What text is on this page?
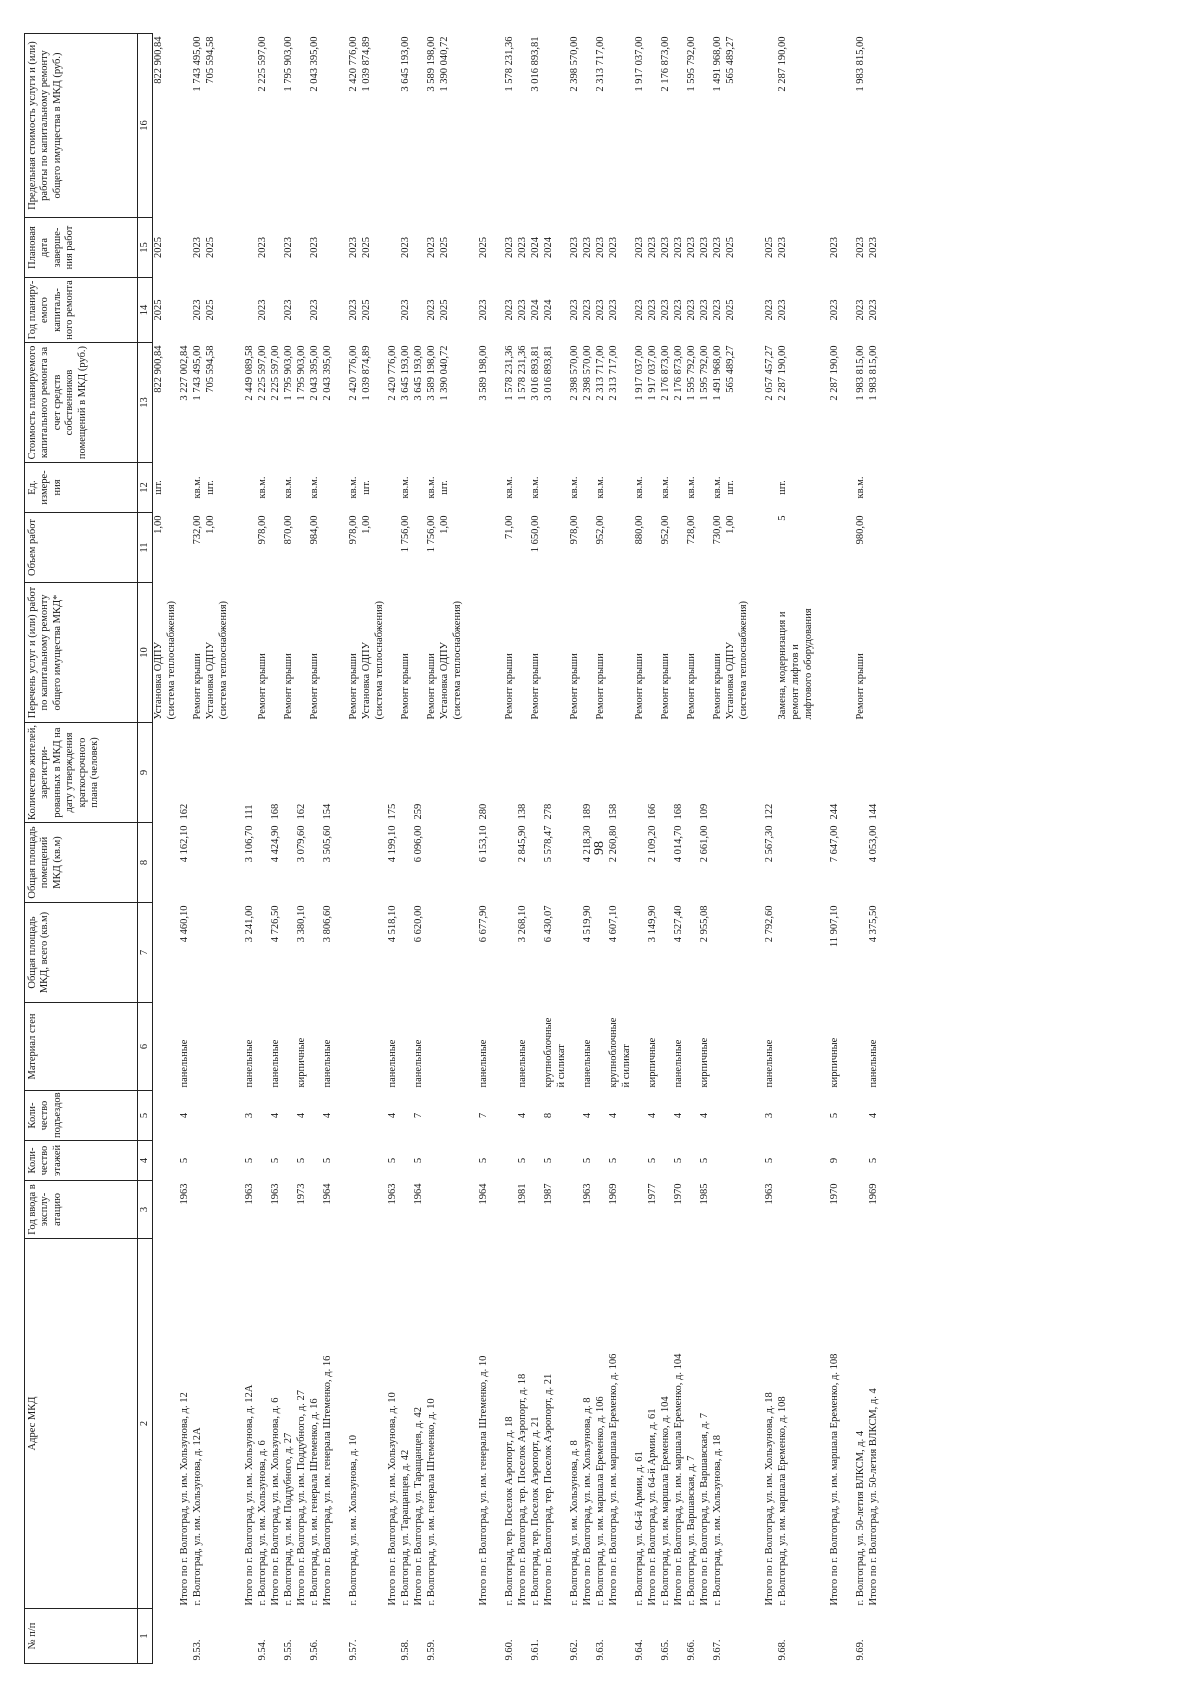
98
№ п/п	Адрес МКД	Год ввода в эксплу-атацию	Коли-чество этажей	Коли-чество подъездов	Материал стен	Общая площадь МКД, всего (кв.м)	Общая площадь помещений МКД (кв.м)	Количество жителей, зарегистри-рованных в МКД на дату утверждения краткосрочного плана (человек)	Перечень услуг и (или) работ по капитальному ремонту общего имущества МКД*	Объем работ	Ед. измере-ния	Стоимость планируемого капитального ремонта за счет средств собственников помещений в МКД (руб.)	Год планиру-емого капиталь-ного ремонта	Плановая дата заверше-ния работ	Предельная стоимость услуги и (или) работы по капитальному ремонту общего имущества в МКД (руб.)
1	2	3	4	5	6	7	8	9	10	11	12	13	14	15	16
									Установка ОДПУ	1,00	шт.	822 900,84	2025	2025	822 900,84
									(система теплоснабжения)						
	Итого по г. Волгоград, ул. им. Хользунова, д. 12	1963	5	4	панельные	4 460,10	4 162,10	162				3 227 002,84			
9.53.	г. Волгоград, ул. им. Хользунова, д. 12А								Ремонт крыши	732,00	кв.м.	1 743 495,00	2023	2023	1 743 495,00
									Установка ОДПУ	1,00	шт.	705 594,58	2025	2025	705 594,58
									(система теплоснабжения)						

	Итого по г. Волгоград, ул. им. Хользунова, д. 12А	1963	5	3	панельные	3 241,00	3 106,70	111				2 449 089,58			
9.54.	г. Волгоград, ул. им. Хользунова, д. 6								Ремонт крыши	978,00	кв.м.	2 225 597,00	2023	2023	2 225 597,00
	Итого по г. Волгоград, ул. им. Хользунова, д. 6	1963	5	4	панельные	4 726,50	4 424,90	168				2 225 597,00			
9.55.	г. Волгоград, ул. им. Поддубного, д. 27								Ремонт крыши	870,00	кв.м.	1 795 903,00	2023	2023	1 795 903,00
	Итого по г. Волгоград, ул. им. Поддубного, д. 27	1973	5	4	кирпичные	3 380,10	3 079,60	162				1 795 903,00			
9.56.	г. Волгоград, ул. им. генерала Штеменко, д. 16								Ремонт крыши	984,00	кв.м.	2 043 395,00	2023	2023	2 043 395,00
	Итого по г. Волгоград, ул. им. генерала Штеменко, д. 16	1964	5	4	панельные	3 806,60	3 505,60	154				2 043 395,00			

9.57.	г. Волгоград, ул. им. Хользунова, д. 10								Ремонт крыши	978,00	кв.м.	2 420 776,00	2023	2023	2 420 776,00
									Установка ОДПУ	1,00	шт.	1 039 874,89	2025	2025	1 039 874,89
									(система теплоснабжения)						
	Итого по г. Волгоград, ул. им. Хользунова, д. 10	1963	5	4	панельные	4 518,10	4 199,10	175				2 420 776,00			
9.58.	г. Волгоград, ул. Таращанцев, д. 42								Ремонт крыши	1 756,00	кв.м.	3 645 193,00	2023	2023	3 645 193,00
	Итого по г. Волгоград, ул. Таращанцев, д. 42	1964	5	7	панельные	6 620,00	6 096,00	259				3 645 193,00			
9.59.	г. Волгоград, ул. им. генерала Штеменко, д. 10								Ремонт крыши	1 756,00	кв.м.	3 589 198,00	2023	2023	3 589 198,00
									Установка ОДПУ	1,00	шт.	1 390 040,72	2025	2025	1 390 040,72
									(система теплоснабжения)						

	Итого по г. Волгоград, ул. им. генерала Штеменко, д. 10	1964	5	7	панельные	6 677,90	6 153,10	280				3 589 198,00	2023	2025	

9.60.	г. Волгоград, тер. Поселок Аэропорт, д. 18								Ремонт крыши	71,00	кв.м.	1 578 231,36	2023	2023	1 578 231,36
	Итого по г. Волгоград, тер. Поселок Аэропорт, д. 18	1981	5	4	панельные	3 268,10	2 845,90	138				1 578 231,36	2023	2023	
9.61.	г. Волгоград, тер. Поселок Аэропорт, д. 21								Ремонт крыши	1 650,00	кв.м.	3 016 893,81	2024	2024	3 016 893,81
	Итого по г. Волгоград, тер. Поселок Аэропорт, д. 21	1987	5	8	крупноблочные	6 430,07	5 578,47	278				3 016 893,81	2024	2024	
					й силикат										
9.62.	г. Волгоград, ул. им. Хользунова, д. 8								Ремонт крыши	978,00	кв.м.	2 398 570,00	2023	2023	2 398 570,00
	Итого по г. Волгоград, ул. им. Хользунова, д. 8	1963	5	4	панельные	4 519,90	4 218,30	189				2 398 570,00	2023	2023	
9.63.	г. Волгоград, ул. им. маршала Еременко, д. 106								Ремонт крыши	952,00	кв.м.	2 313 717,00	2023	2023	2 313 717,00
	Итого по г. Волгоград, ул. им. маршала Еременко, д. 106	1969	5	4	крупноблочные	4 607,10	2 260,80	158				2 313 717,00	2023	2023	
					й силикат										
9.64.	г. Волгоград, ул. 64-й Армии, д. 61								Ремонт крыши	880,00	кв.м.	1 917 037,00	2023	2023	1 917 037,00
	Итого по г. Волгоград, ул. 64-й Армии, д. 61	1977	5	4	кирпичные	3 149,90	2 109,20	166				1 917 037,00	2023	2023	
9.65.	г. Волгоград, ул. им. маршала Еременко, д. 104								Ремонт крыши	952,00	кв.м.	2 176 873,00	2023	2023	2 176 873,00
	Итого по г. Волгоград, ул. им. маршала Еременко, д. 104	1970	5	4	панельные	4 527,40	4 014,70	168				2 176 873,00	2023	2023	
9.66.	г. Волгоград, ул. Варшавская, д. 7								Ремонт крыши	728,00	кв.м.	1 595 792,00	2023	2023	1 595 792,00
	Итого по г. Волгоград, ул. Варшавская, д. 7	1985	5	4	кирпичные	2 955,08	2 661,00	109				1 595 792,00	2023	2023	
9.67.	г. Волгоград, ул. им. Хользунова, д. 18								Ремонт крыши	730,00	кв.м.	1 491 968,00	2023	2023	1 491 968,00
									Установка ОДПУ	1,00	шт.	565 489,27	2025	2025	565 489,27
									(система теплоснабжения)						

	Итого по г. Волгоград, ул. им. Хользунова, д. 18	1963	5	3	панельные	2 792,60	2 567,30	122				2 057 457,27	2023	2025	
9.68.	г. Волгоград, ул. им. маршала Еременко, д. 108								Замена, модернизация и	5	шт.	2 287 190,00	2023	2023	2 287 190,00
									ремонт лифтов и						
									лифтового оборудования						

	Итого по г. Волгоград, ул. им. маршала Еременко, д. 108	1970	9	5	кирпичные	11 907,10	7 647,00	244				2 287 190,00	2023	2023	

9.69.	г. Волгоград, ул. 50-летия ВЛКСМ, д. 4								Ремонт крыши	980,00	кв.м.	1 983 815,00	2023	2023	1 983 815,00
	Итого по г. Волгоград, ул. 50-летия ВЛКСМ, д. 4	1969	5	4	панельные	4 375,50	4 053,00	144				1 983 815,00	2023	2023	
